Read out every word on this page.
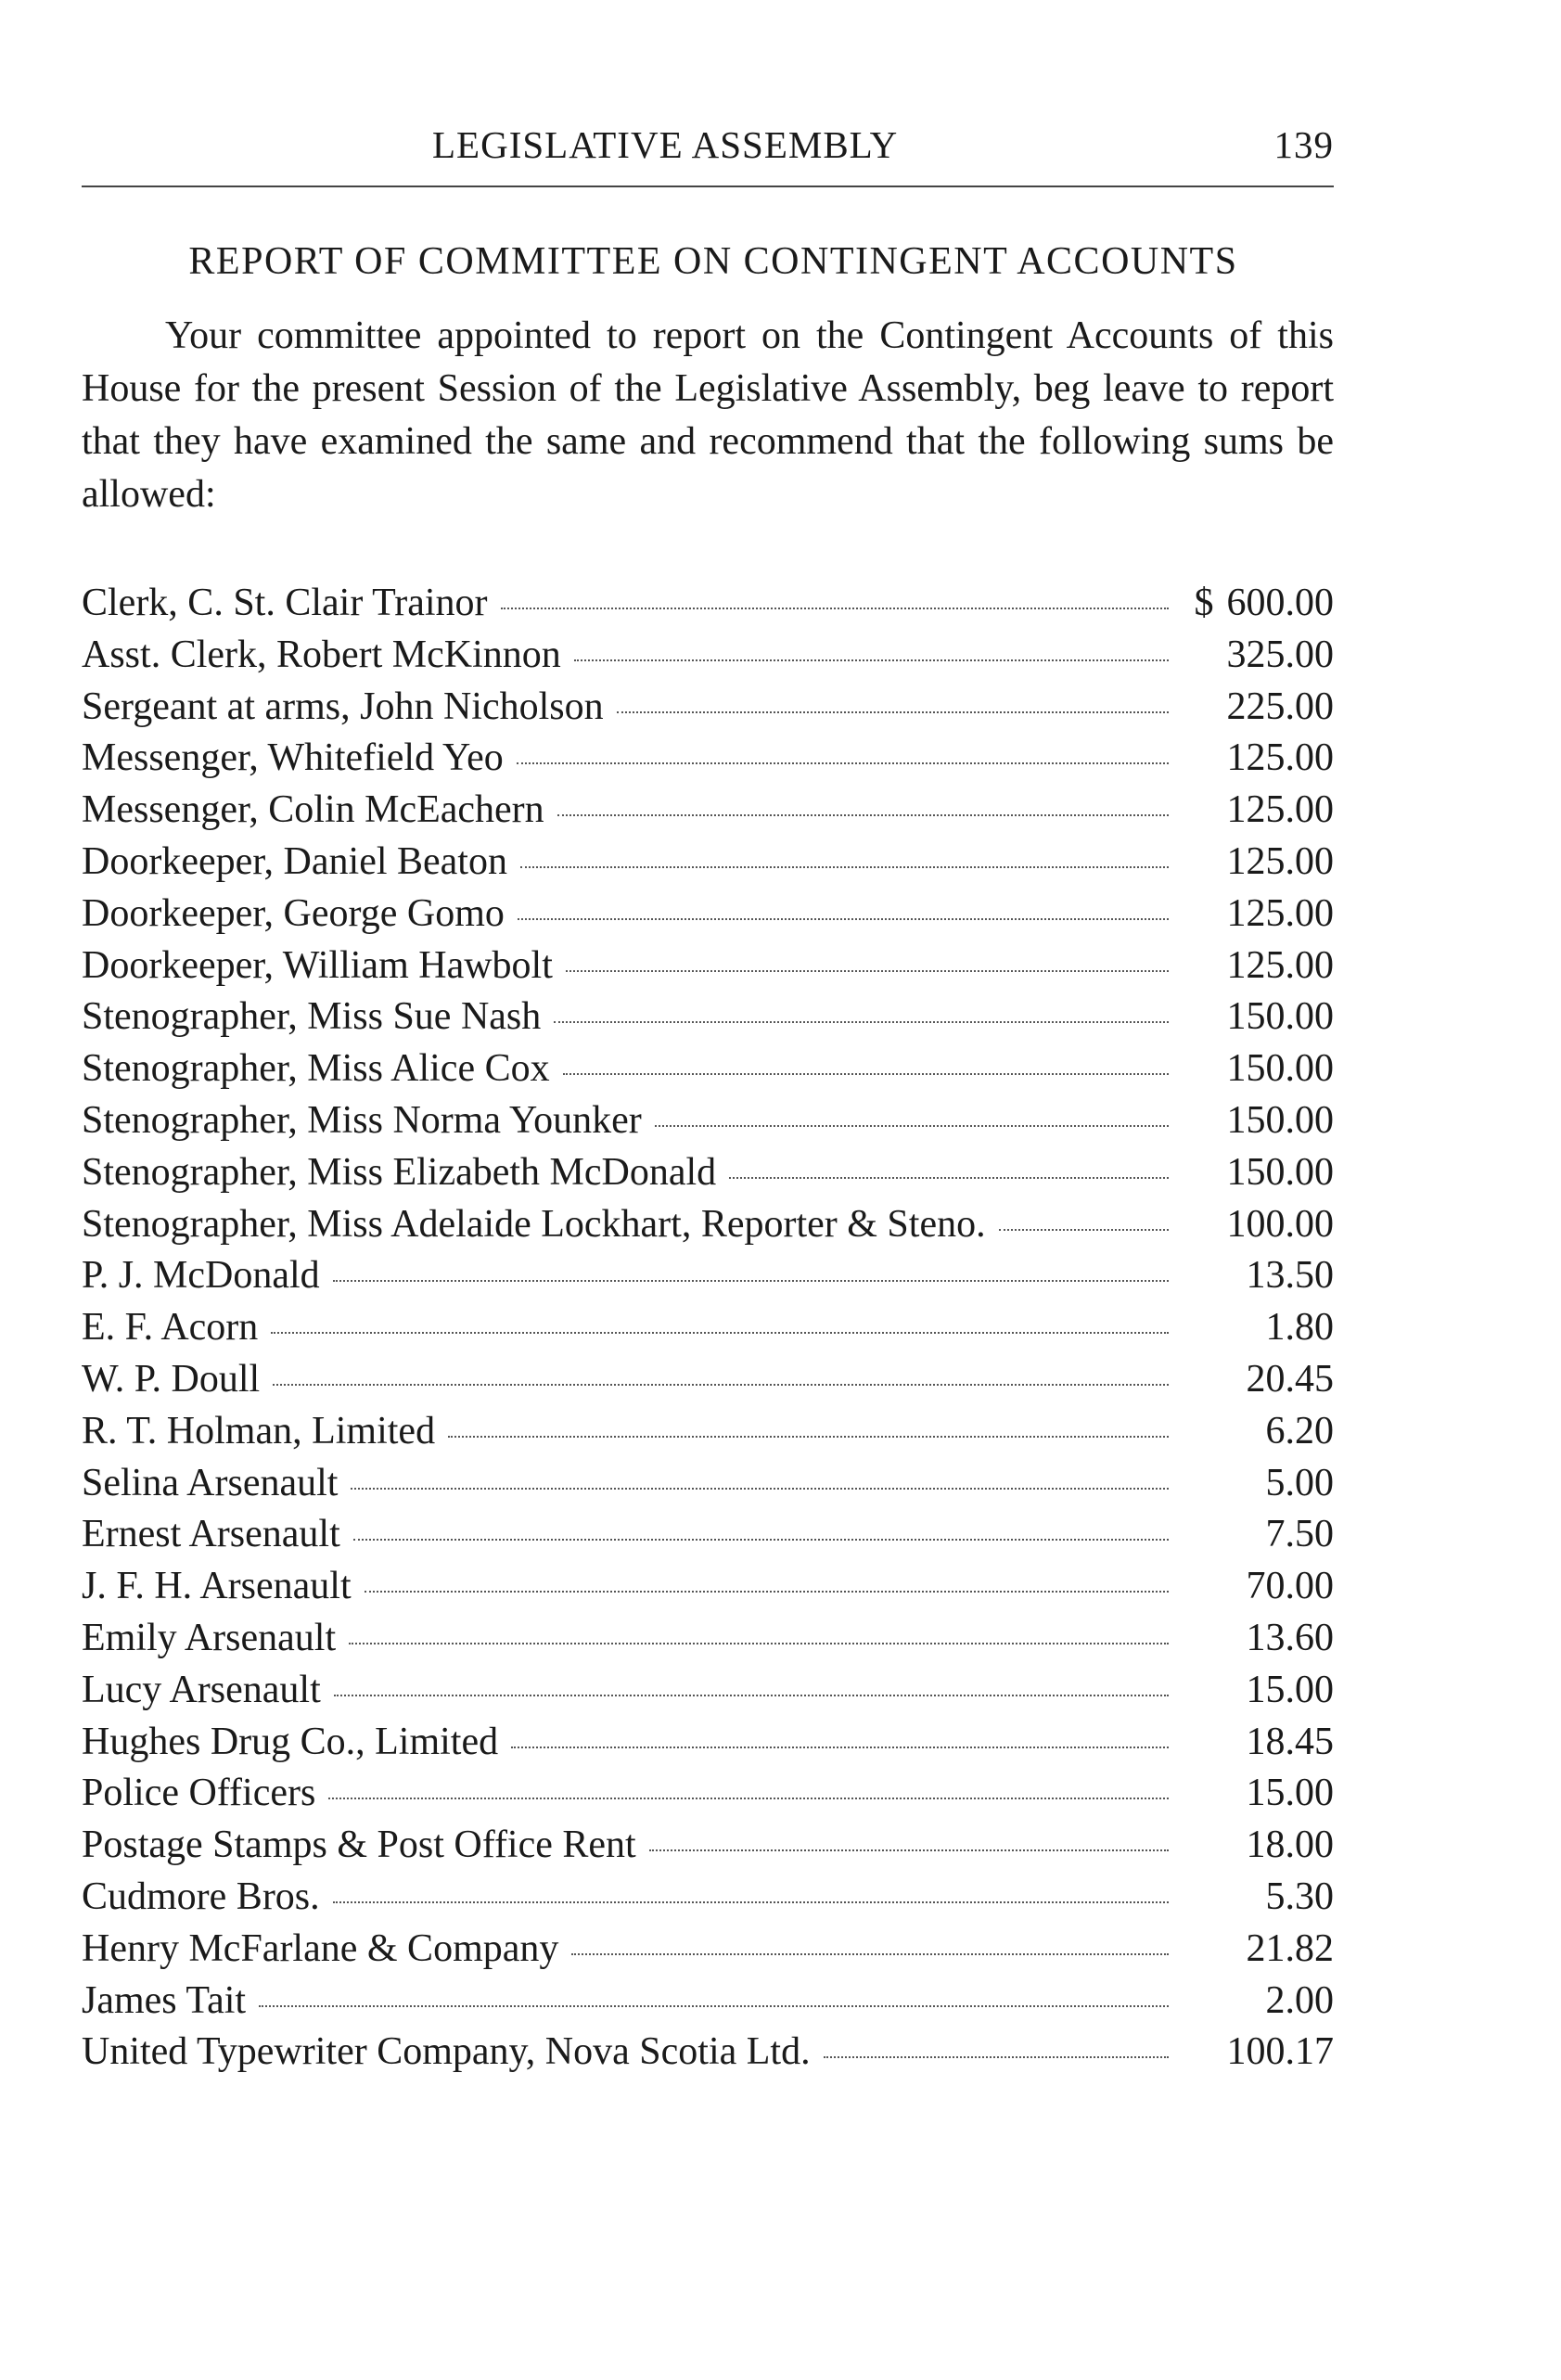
LEGISLATIVE ASSEMBLY	139
REPORT OF COMMITTEE ON CONTINGENT ACCOUNTS

Your committee appointed to report on the Contingent Accounts of this House for the present Session of the Legislative Assembly, beg leave to report that they have examined the same and recommend that the following sums be allowed:

Clerk, C. St. Clair Trainor	$ 600.00
Asst. Clerk, Robert McKinnon	325.00
Sergeant at arms, John Nicholson	225.00
Messenger, Whitefield Yeo	125.00
Messenger, Colin McEachern	125.00
Doorkeeper, Daniel Beaton	125.00
Doorkeeper, George Gomo	125.00
Doorkeeper, William Hawbolt	125.00
Stenographer, Miss Sue Nash	150.00
Stenographer, Miss Alice Cox	150.00
Stenographer, Miss Norma Younker	150.00
Stenographer, Miss Elizabeth McDonald	150.00
Stenographer, Miss Adelaide Lockhart, Reporter & Steno.	100.00
P. J. McDonald	13.50
E. F. Acorn	1.80
W. P. Doull	20.45
R. T. Holman, Limited	6.20
Selina Arsenault	5.00
Ernest Arsenault	7.50
J. F. H. Arsenault	70.00
Emily Arsenault	13.60
Lucy Arsenault	15.00
Hughes Drug Co., Limited	18.45
Police Officers	15.00
Postage Stamps & Post Office Rent	18.00
Cudmore Bros.	5.30
Henry McFarlane & Company	21.82
James Tait	2.00
United Typewriter Company, Nova Scotia Ltd.	100.17
